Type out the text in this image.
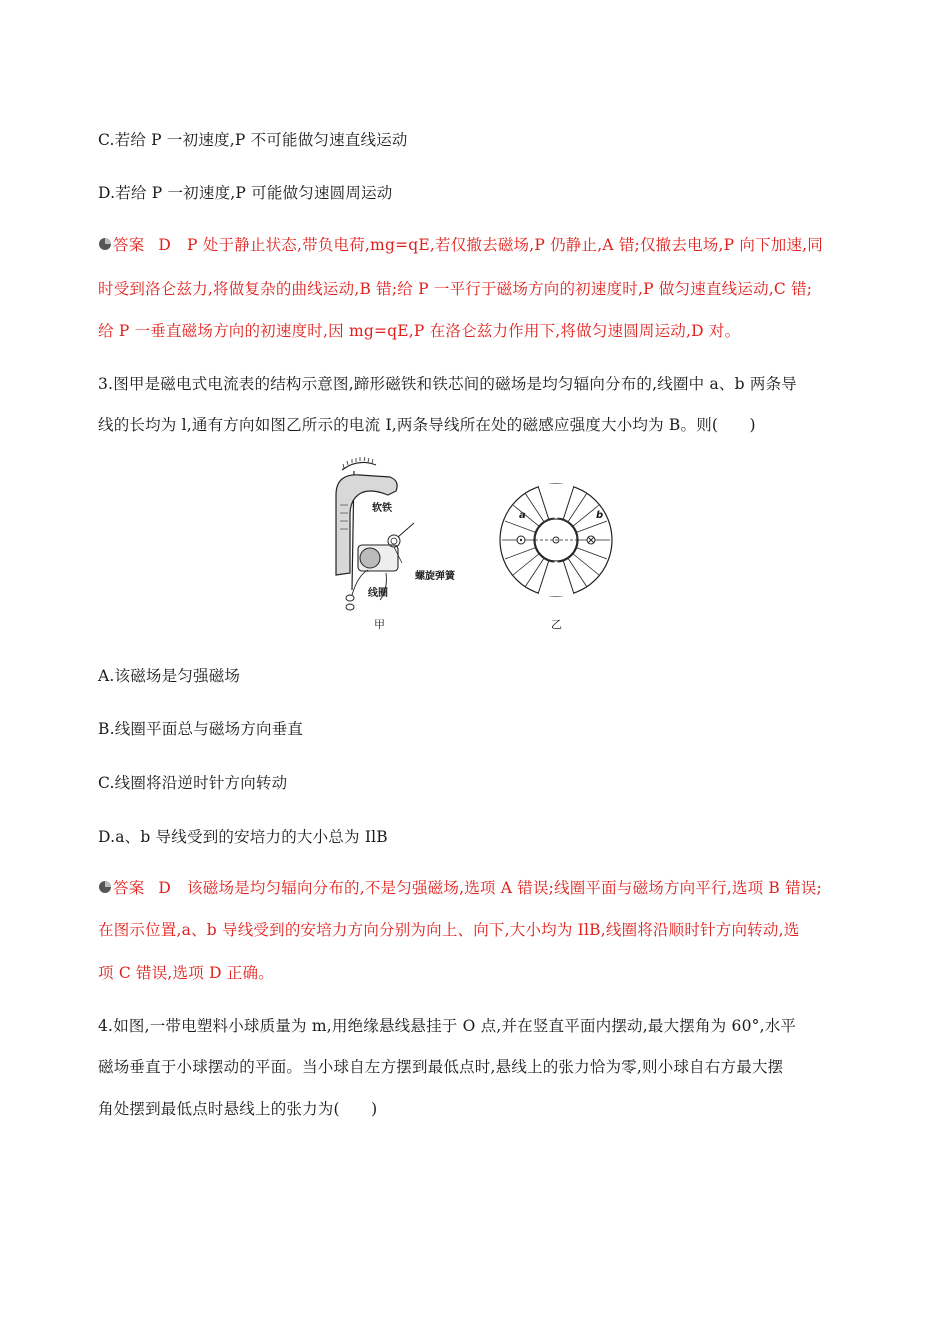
C.若给 P 一初速度,P 不可能做匀速直线运动
D.若给 P 一初速度,P 可能做匀速圆周运动
答案 D P 处于静止状态,带负电荷,mg=qE,若仅撤去磁场,P 仍静止,A 错;仅撤去电场,P 向下加速,同
时受到洛仑兹力,将做复杂的曲线运动,B 错;给 P 一平行于磁场方向的初速度时,P 做匀速直线运动,C 错;
给 P 一垂直磁场方向的初速度时,因 mg=qE,P 在洛仑兹力作用下,将做匀速圆周运动,D 对。
3.图甲是磁电式电流表的结构示意图,蹄形磁铁和铁芯间的磁场是均匀辐向分布的,线圈中 a、b 两条导
线的长均为 l,通有方向如图乙所示的电流 I,两条导线所在处的磁感应强度大小均为 B。则(　　)
软铁
螺旋弹簧
线圈
甲
a	b
乙
A.该磁场是匀强磁场
B.线圈平面总与磁场方向垂直
C.线圈将沿逆时针方向转动
D.a、b 导线受到的安培力的大小总为 IlB
答案 D 该磁场是均匀辐向分布的,不是匀强磁场,选项 A 错误;线圈平面与磁场方向平行,选项 B 错误;
在图示位置,a、b 导线受到的安培力方向分别为向上、向下,大小均为 IlB,线圈将沿顺时针方向转动,选
项 C 错误,选项 D 正确。
4.如图,一带电塑料小球质量为 m,用绝缘悬线悬挂于 O 点,并在竖直平面内摆动,最大摆角为 60°,水平
磁场垂直于小球摆动的平面。当小球自左方摆到最低点时,悬线上的张力恰为零,则小球自右方最大摆
角处摆到最低点时悬线上的张力为(　　)
